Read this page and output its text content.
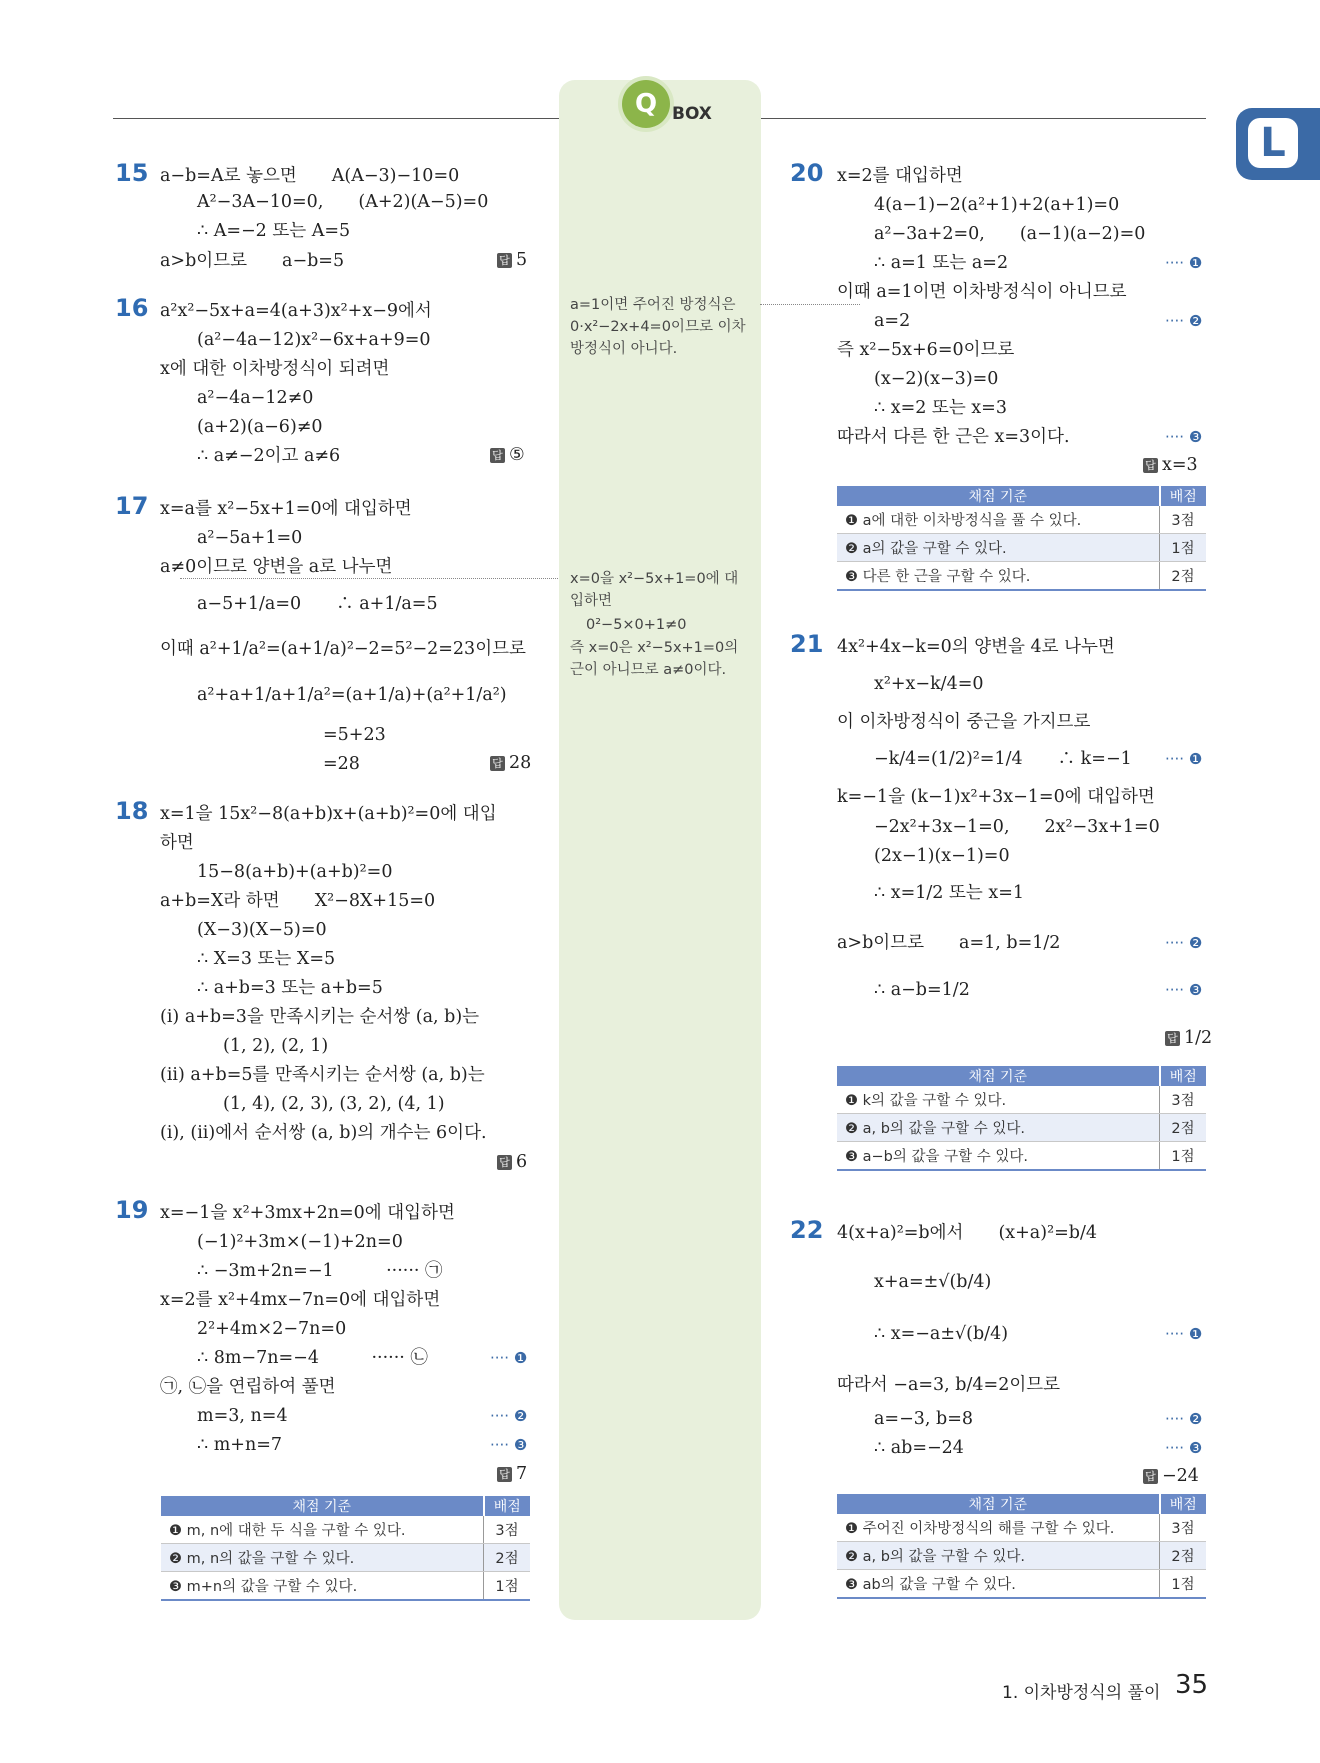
Q BOX
L
15 a−b=A로 놓으면　　A(A−3)−10=0
A²−3A−10=0,　　(A+2)(A−5)=0
∴ A=−2 또는 A=5
a>b이므로　　a−b=5	답 5
16 a²x²−5x+a=4(a+3)x²+x−9에서
(a²−4a−12)x²−6x+a+9=0
x에 대한 이차방정식이 되려면
a²−4a−12≠0
(a+2)(a−6)≠0
∴ a≠−2이고 a≠6	답 ⑤
17 x=a를 x²−5x+1=0에 대입하면
a²−5a+1=0
a≠0이므로 양변을 a로 나누면
a−5+1/a=0　　∴ a+1/a=5
이때 a²+1/a²=(a+1/a)²−2=5²−2=23이므로
a²+a+1/a+1/a²=(a+1/a)+(a²+1/a²)
=5+23
=28	답 28
18 x=1을 15x²−8(a+b)x+(a+b)²=0에 대입
하면
15−8(a+b)+(a+b)²=0
a+b=X라 하면　　X²−8X+15=0
(X−3)(X−5)=0
∴ X=3 또는 X=5
∴ a+b=3 또는 a+b=5
(i) a+b=3을 만족시키는 순서쌍 (a, b)는
(1, 2), (2, 1)
(ii) a+b=5를 만족시키는 순서쌍 (a, b)는
(1, 4), (2, 3), (3, 2), (4, 1)
(i), (ii)에서 순서쌍 (a, b)의 개수는 6이다.
답 6
19 x=−1을 x²+3mx+2n=0에 대입하면
(−1)²+3m×(−1)+2n=0
∴ −3m+2n=−1　　　······ ㉠
x=2를 x²+4mx−7n=0에 대입하면
2²+4m×2−7n=0
∴ 8m−7n=−4　　　······ ㉡	···· ❶
㉠, ㉡을 연립하여 풀면
m=3, n=4	···· ❷
∴ m+n=7	···· ❸
답 7
채점 기준	배점
❶ m, n에 대한 두 식을 구할 수 있다.	3점
❷ m, n의 값을 구할 수 있다.	2점
❸ m+n의 값을 구할 수 있다.	1점
a=1이면 주어진 방정식은 0·x²−2x+4=0이므로 이차방정식이 아니다.
x=0을 x²−5x+1=0에 대입하면
0²−5×0+1≠0
즉 x=0은 x²−5x+1=0의 근이 아니므로 a≠0이다.
20 x=2를 대입하면
4(a−1)−2(a²+1)+2(a+1)=0
a²−3a+2=0,　　(a−1)(a−2)=0
∴ a=1 또는 a=2	···· ❶
이때 a=1이면 이차방정식이 아니므로
a=2	···· ❷
즉 x²−5x+6=0이므로
(x−2)(x−3)=0
∴ x=2 또는 x=3
따라서 다른 한 근은 x=3이다.	···· ❸
답 x=3
채점 기준	배점
❶ a에 대한 이차방정식을 풀 수 있다.	3점
❷ a의 값을 구할 수 있다.	1점
❸ 다른 한 근을 구할 수 있다.	2점
21 4x²+4x−k=0의 양변을 4로 나누면
x²+x−k/4=0
이 이차방정식이 중근을 가지므로
−k/4=(1/2)²=1/4　　∴ k=−1 ···· ❶
k=−1을 (k−1)x²+3x−1=0에 대입하면
−2x²+3x−1=0,　　2x²−3x+1=0
(2x−1)(x−1)=0
∴ x=1/2 또는 x=1
a>b이므로　　a=1, b=1/2	···· ❷
∴ a−b=1/2	···· ❸
답 1/2
채점 기준	배점
❶ k의 값을 구할 수 있다.	3점
❷ a, b의 값을 구할 수 있다.	2점
❸ a−b의 값을 구할 수 있다.	1점
22 4(x+a)²=b에서　　(x+a)²=b/4
x+a=±√(b/4)
∴ x=−a±√(b/4)	···· ❶
따라서 −a=3, b/4=2이므로
a=−3, b=8	···· ❷
∴ ab=−24	···· ❸
답 −24
채점 기준	배점
❶ 주어진 이차방정식의 해를 구할 수 있다.	3점
❷ a, b의 값을 구할 수 있다.	2점
❸ ab의 값을 구할 수 있다.	1점
1. 이차방정식의 풀이 35
